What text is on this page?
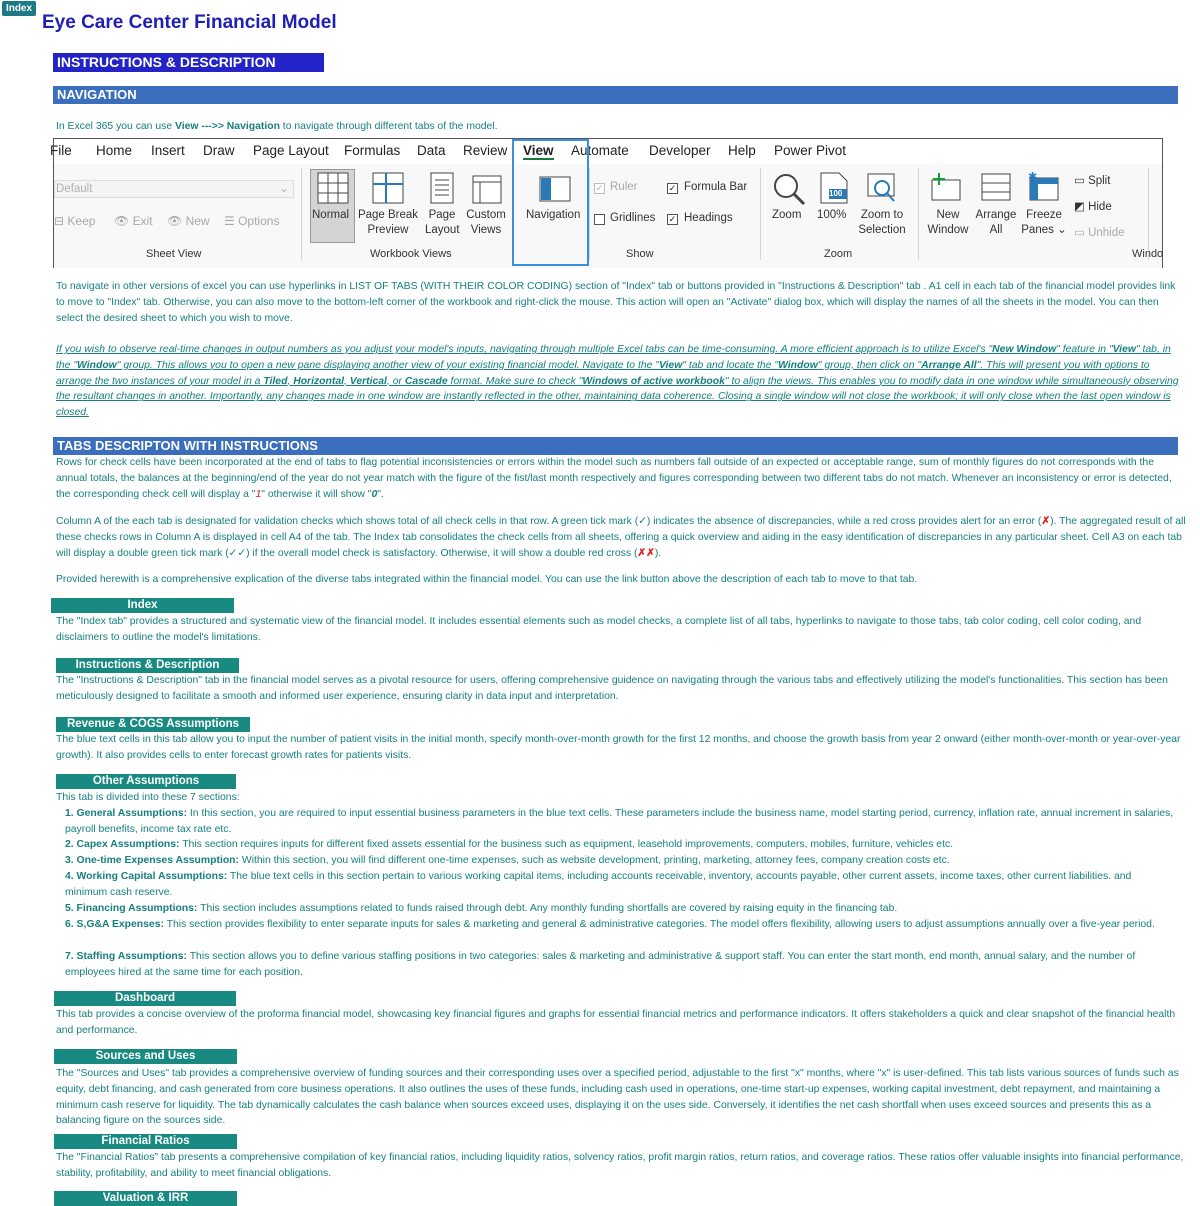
Index
Eye Care Center Financial Model
INSTRUCTIONS & DESCRIPTION
NAVIGATION
In Excel 365 you can use View --->> Navigation to navigate through different tabs of the model.
File Home Insert Draw Page Layout Formulas Data Review View Automate Developer Help Power Pivot
Default	⌄
⊟ Keep 👁 Exit 👁 New ☰ Options
Sheet View
Normal Page Break Preview
Page Layout
Custom Views
Workbook Views
Navigation
✓ Ruler	✓ Formula Bar
Gridlines ✓ Headings
Show
Zoom
100
100%	Zoom to Selection
Zoom
New Window
Arrange All
✱
Freeze Panes ⌄
▭ Split
◩ Hide
▭ Unhide
Windo
To navigate in other versions of excel you can use hyperlinks in LIST OF TABS (WITH THEIR COLOR CODING) section of "Index" tab or buttons provided in "Instructions & Description" tab . A1 cell in each tab of the financial model provides link to move to "Index" tab. Otherwise, you can also move to the bottom-left corner of the workbook and right-click the mouse. This action will open an "Activate" dialog box, which will display the names of all the sheets in the model. You can then select the desired sheet to which you wish to move.
If you wish to observe real-time changes in output numbers as you adjust your model's inputs, navigating through multiple Excel tabs can be time-consuming. A more efficient approach is to utilize Excel's "New Window" feature in "View" tab, in the "Window" group. This allows you to open a new pane displaying another view of your existing financial model. Navigate to the "View" tab and locate the "Window" group, then click on "Arrange All". This will present you with options to arrange the two instances of your model in a Tiled, Horizontal, Vertical, or Cascade format. Make sure to check "Windows of active workbook" to align the views. This enables you to modify data in one window while simultaneously observing the resultant changes in another. Importantly, any changes made in one window are instantly reflected in the other, maintaining data coherence. Closing a single window will not close the workbook; it will only close when the last open window is closed.
TABS DESCRIPTON WITH INSTRUCTIONS
Rows for check cells have been incorporated at the end of tabs to flag potential inconsistencies or errors within the model such as numbers fall outside of an expected or acceptable range, sum of monthly figures do not corresponds with the annual totals, the balances at the beginning/end of the year do not year match with the figure of the fist/last month respectively and figures corresponding between two different tabs do not match. Whenever an inconsistency or error is detected, the corresponding check cell will display a "1" otherwise it will show "0".
Column A of the each tab is designated for validation checks which shows total of all check cells in that row. A green tick mark (✓) indicates the absence of discrepancies, while a red cross provides alert for an error (✗). The aggregated result of all these checks rows in Column A is displayed in cell A4 of the tab. The Index tab consolidates the check cells from all sheets, offering a quick overview and aiding in the easy identification of discrepancies in any particular sheet. Cell A3 on each tab will display a double green tick mark (✓✓) if the overall model check is satisfactory. Otherwise, it will show a double red cross (✗✗).
Provided herewith is a comprehensive explication of the diverse tabs integrated within the financial model. You can use the link button above the description of each tab to move to that tab.
Index
The "Index tab" provides a structured and systematic view of the financial model. It includes essential elements such as model checks, a complete list of all tabs, hyperlinks to navigate to those tabs, tab color coding, cell color coding, and disclaimers to outline the model's limitations.
Instructions & Description
The "Instructions & Description" tab in the financial model serves as a pivotal resource for users, offering comprehensive guidence on navigating through the various tabs and effectively utilizing the model's functionalities. This section has been meticulously designed to facilitate a smooth and informed user experience, ensuring clarity in data input and interpretation.
Revenue & COGS Assumptions
The blue text cells in this tab allow you to input the number of patient visits in the initial month, specify month-over-month growth for the first 12 months, and choose the growth basis from year 2 onward (either month-over-month or year-over-year growth). It also provides cells to enter forecast growth rates for patients visits.
Other Assumptions
This tab is divided into these 7 sections:
1. General Assumptions: In this section, you are required to input essential business parameters in the blue text cells. These parameters include the business name, model starting period, currency, inflation rate, annual increment in salaries, payroll benefits, income tax rate etc.
2. Capex Assumptions: This section requires inputs for different fixed assets essential for the business such as equipment, leasehold improvements, computers, mobiles, furniture, vehicles etc.
3. One-time Expenses Assumption: Within this section, you will find different one-time expenses, such as website development, printing, marketing, attorney fees, company creation costs etc.
4. Working Capital Assumptions: The blue text cells in this section pertain to various working capital items, including accounts receivable, inventory, accounts payable, other current assets, income taxes, other current liabilities. and minimum cash reserve.
5. Financing Assumptions: This section includes assumptions related to funds raised through debt. Any monthly funding shortfalls are covered by raising equity in the financing tab.
6. S,G&A Expenses: This section provides flexibility to enter separate inputs for sales & marketing and general & administrative categories. The model offers flexibility, allowing users to adjust assumptions annually over a five-year period.
7. Staffing Assumptions: This section allows you to define various staffing positions in two categories: sales & marketing and administrative & support staff. You can enter the start month, end month, annual salary, and the number of employees hired at the same time for each position.
Dashboard
This tab provides a concise overview of the proforma financial model, showcasing key financial figures and graphs for essential financial metrics and performance indicators. It offers stakeholders a quick and clear snapshot of the financial health and performance.
Sources and Uses
The "Sources and Uses" tab provides a comprehensive overview of funding sources and their corresponding uses over a specified period, adjustable to the first "x" months, where "x" is user-defined. This tab lists various sources of funds such as equity, debt financing, and cash generated from core business operations. It also outlines the uses of these funds, including cash used in operations, one-time start-up expenses, working capital investment, debt repayment, and maintaining a minimum cash reserve for liquidity. The tab dynamically calculates the cash balance when sources exceed uses, displaying it on the uses side. Conversely, it identifies the net cash shortfall when uses exceed sources and presents this as a balancing figure on the sources side.
Financial Ratios
The "Financial Ratios" tab presents a comprehensive compilation of key financial ratios, including liquidity ratios, solvency ratios, profit margin ratios, return ratios, and coverage ratios. These ratios offer valuable insights into financial performance, stability, profitability, and ability to meet financial obligations.
Valuation & IRR
